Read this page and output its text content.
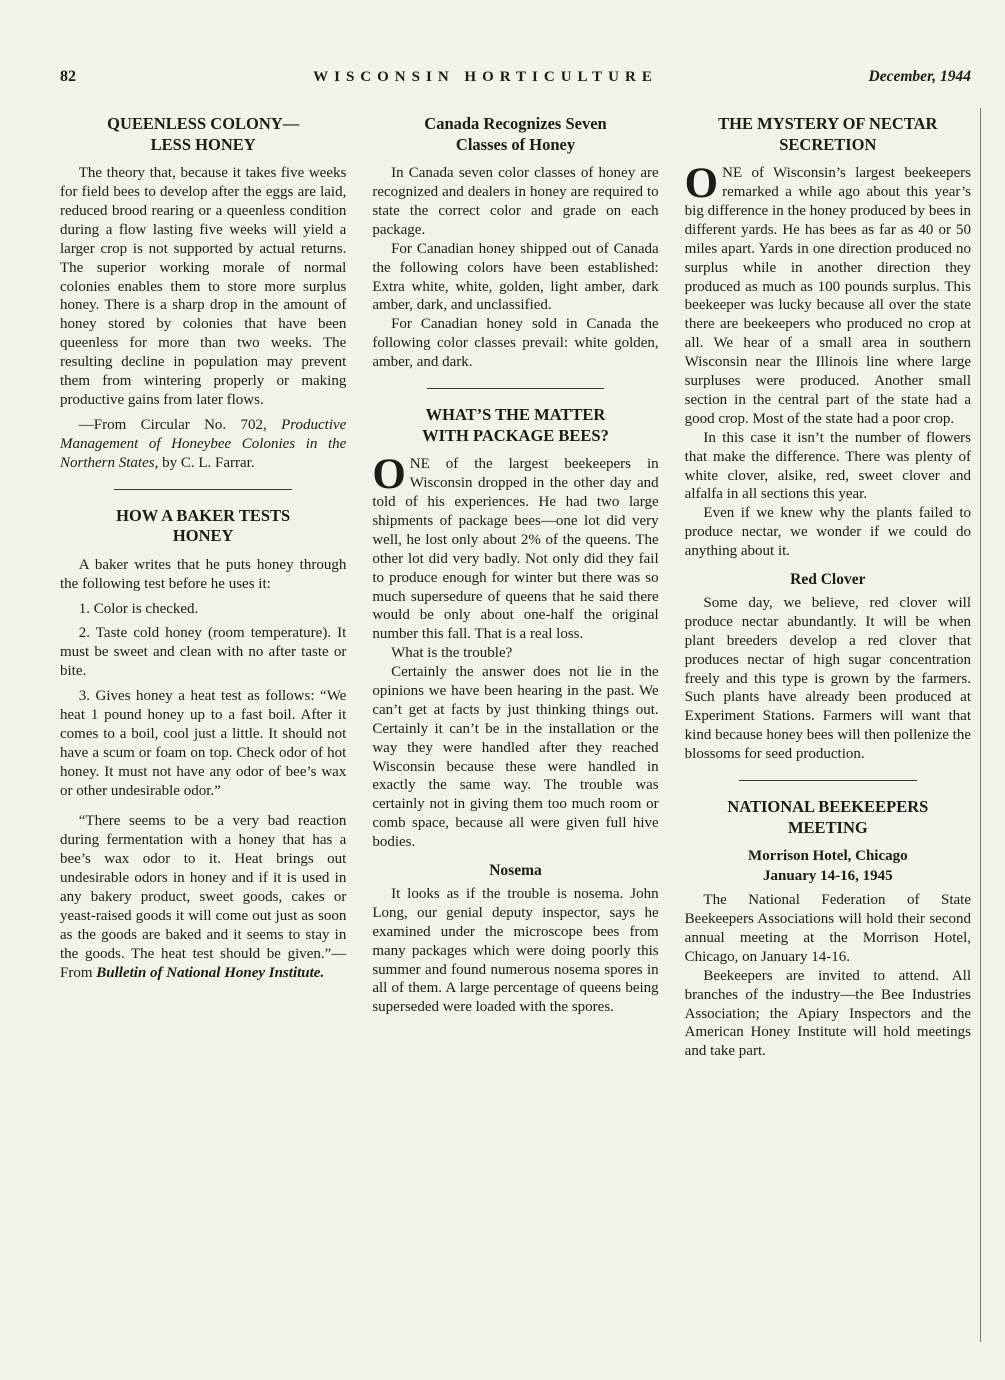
82	WISCONSIN HORTICULTURE	December, 1944
QUEENLESS COLONY—
LESS HONEY

The theory that, because it takes five weeks for field bees to develop after the eggs are laid, reduced brood rearing or a queenless condition during a flow lasting five weeks will yield a larger crop is not supported by actual returns. The superior working morale of normal colonies enables them to store more surplus honey. There is a sharp drop in the amount of honey stored by colonies that have been queenless for more than two weeks. The resulting decline in population may prevent them from wintering properly or making productive gains from later flows.

—From Circular No. 702, Productive Management of Honeybee Colonies in the Northern States, by C. L. Farrar.

HOW A BAKER TESTS
HONEY

A baker writes that he puts honey through the following test before he uses it:

1. Color is checked.

2. Taste cold honey (room temperature). It must be sweet and clean with no after taste or bite.

3. Gives honey a heat test as follows: “We heat 1 pound honey up to a fast boil. After it comes to a boil, cool just a little. It should not have a scum or foam on top. Check odor of hot honey. It must not have any odor of bee’s wax or other undesirable odor.”

“There seems to be a very bad reaction during fermentation with a honey that has a bee’s wax odor to it. Heat brings out undesirable odors in honey and if it is used in any bakery product, sweet goods, cakes or yeast-raised goods it will come out just as soon as the goods are baked and it seems to stay in the goods. The heat test should be given.”—From Bulletin of National Honey Institute.

Canada Recognizes Seven
Classes of Honey

In Canada seven color classes of honey are recognized and dealers in honey are required to state the correct color and grade on each package.

For Canadian honey shipped out of Canada the following colors have been established: Extra white, white, golden, light amber, dark amber, dark, and unclassified.

For Canadian honey sold in Canada the following color classes prevail: white golden, amber, and dark.

WHAT’S THE MATTER
WITH PACKAGE BEES?

ONE of the largest beekeepers in Wisconsin dropped in the other day and told of his experiences. He had two large shipments of package bees—one lot did very well, he lost only about 2% of the queens. The other lot did very badly. Not only did they fail to produce enough for winter but there was so much supersedure of queens that he said there would be only about one-half the original number this fall. That is a real loss.

What is the trouble?

Certainly the answer does not lie in the opinions we have been hearing in the past. We can’t get at facts by just thinking things out. Certainly it can’t be in the installation or the way they were handled after they reached Wisconsin because these were handled in exactly the same way. The trouble was certainly not in giving them too much room or comb space, because all were given full hive bodies.

Nosema

It looks as if the trouble is nosema. John Long, our genial deputy inspector, says he examined under the microscope bees from many packages which were doing poorly this summer and found numerous nosema spores in all of them. A large percentage of queens being superseded were loaded with the spores.

THE MYSTERY OF NECTAR
SECRETION

ONE of Wisconsin’s largest beekeepers remarked a while ago about this year’s big difference in the honey produced by bees in different yards. He has bees as far as 40 or 50 miles apart. Yards in one direction produced no surplus while in another direction they produced as much as 100 pounds surplus. This beekeeper was lucky because all over the state there are beekeepers who produced no crop at all. We hear of a small area in southern Wisconsin near the Illinois line where large surpluses were produced. Another small section in the central part of the state had a good crop. Most of the state had a poor crop.

In this case it isn’t the number of flowers that make the difference. There was plenty of white clover, alsike, red, sweet clover and alfalfa in all sections this year.

Even if we knew why the plants failed to produce nectar, we wonder if we could do anything about it.

Red Clover

Some day, we believe, red clover will produce nectar abundantly. It will be when plant breeders develop a red clover that produces nectar of high sugar concentration freely and this type is grown by the farmers. Such plants have already been produced at Experiment Stations. Farmers will want that kind because honey bees will then pollenize the blossoms for seed production.

NATIONAL BEEKEEPERS
MEETING
Morrison Hotel, Chicago
January 14-16, 1945

The National Federation of State Beekeepers Associations will hold their second annual meeting at the Morrison Hotel, Chicago, on January 14-16.

Beekeepers are invited to attend. All branches of the industry—the Bee Industries Association; the Apiary Inspectors and the American Honey Institute will hold meetings and take part.
